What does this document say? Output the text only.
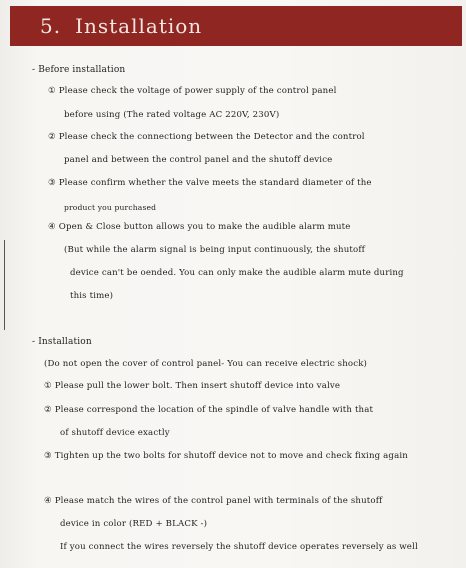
5. Installation
- Before installation
① Please check the voltage of power supply of the control panel
before using (The rated voltage AC 220V, 230V)
② Please check the connectiong between the Detector and the control
panel and between the control panel and the shutoff device
③ Please confirm whether the valve meets the standard diameter of the
product you purchased
④ Open & Close button allows you to make the audible alarm mute
(But while the alarm signal is being input continuously, the shutoff
device can't be oended. You can only make the audible alarm mute during
this time)
- Installation
(Do not open the cover of control panel- You can receive electric shock)
① Please pull the lower bolt. Then insert shutoff device into valve
② Please correspond the location of the spindle of valve handle with that
of shutoff device exactly
③ Tighten up the two bolts for shutoff device not to move and check fixing again
④ Please match the wires of the control panel with terminals of the shutoff
device in color (RED + BLACK -)
If you connect the wires reversely the shutoff device operates reversely as well
